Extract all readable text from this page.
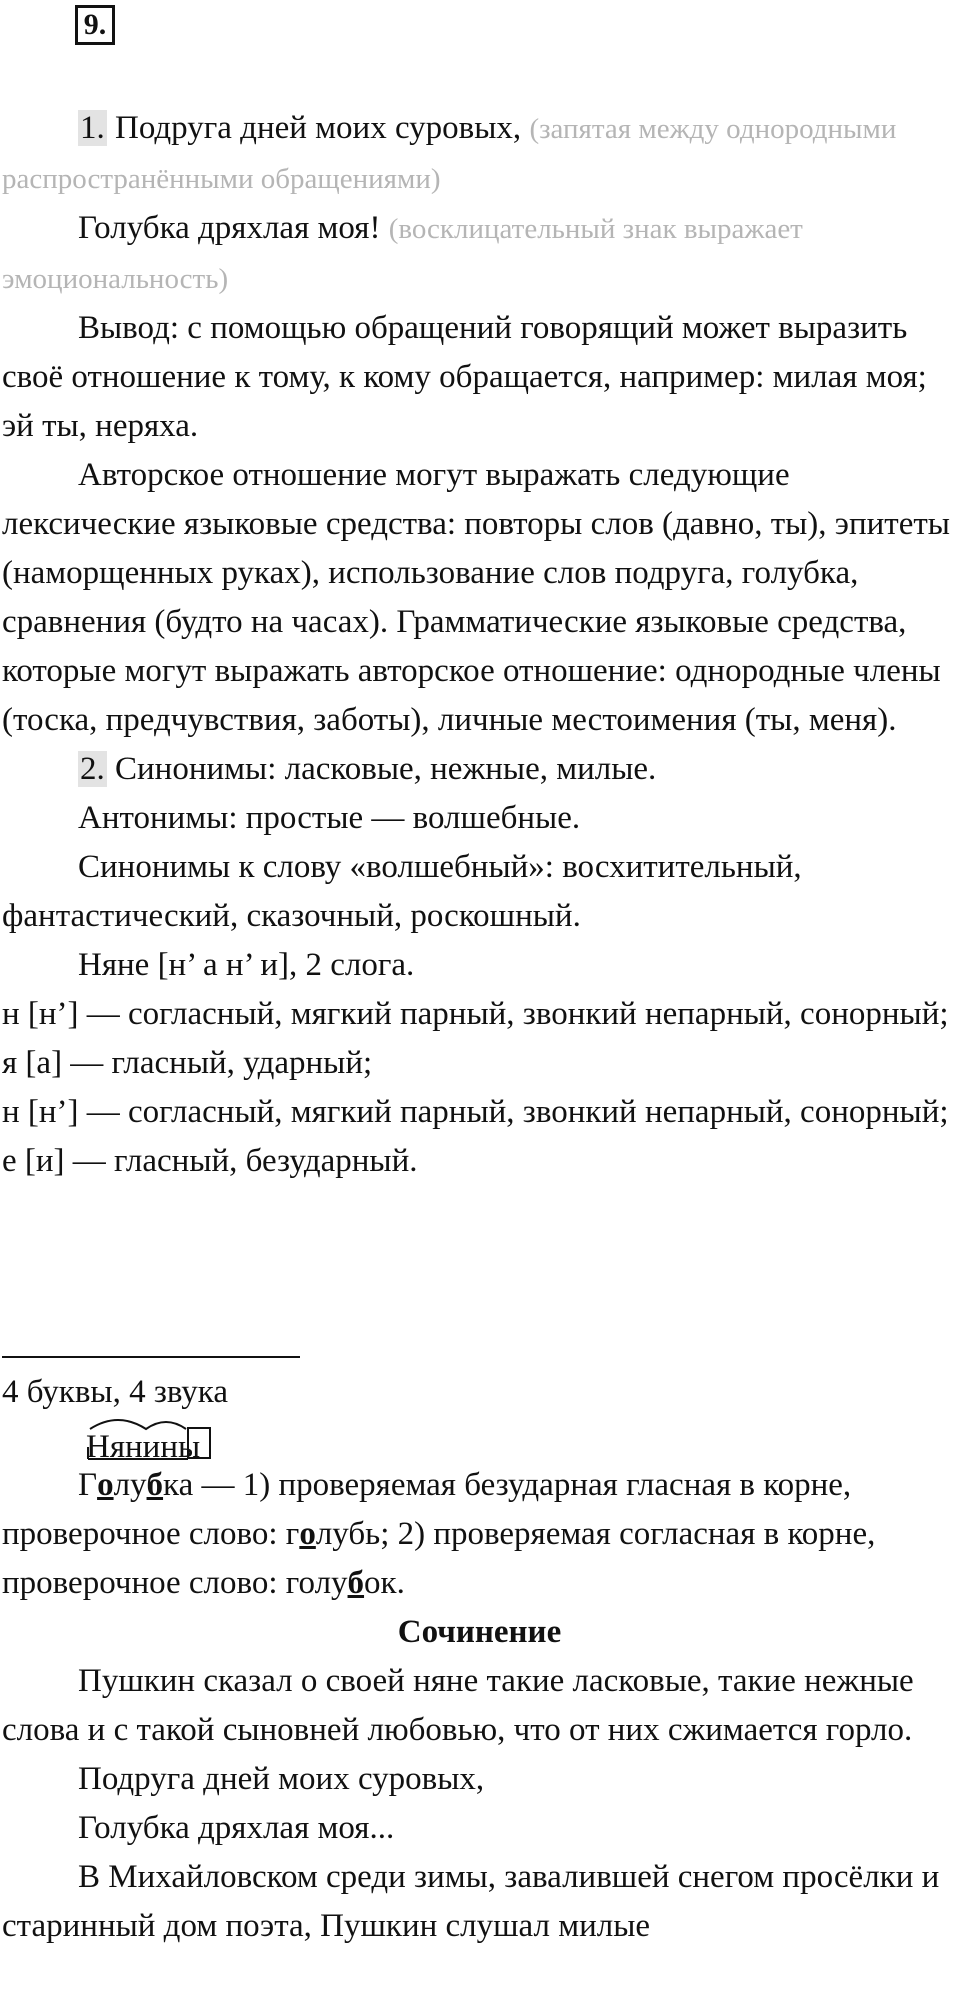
9.

1. Подруга дней моих суровых, (запятая между однородными распространёнными обращениями)

Голубка дряхлая моя! (восклицательный знак выражает эмоциональность)

Вывод: с помощью обращений говорящий может выразить своё отношение к тому, к кому обращается, например: милая моя; эй ты, неряха.

Авторское отношение могут выражать следующие лексические языковые средства: повторы слов (давно, ты), эпитеты (наморщенных руках), использование слов подруга, голубка, сравнения (будто на часах). Грамматические языковые средства, которые могут выражать авторское отношение: однородные члены (тоска, предчувствия, заботы), личные местоимения (ты, меня).

2. Синонимы: ласковые, нежные, милые.

Антонимы: простые — волшебные.

Синонимы к слову «волшебный»: восхитительный, фантастический, сказочный, роскошный.

Няне [н’ а н’ и], 2 слога.

н [н’] — согласный, мягкий парный, звонкий непарный, сонорный;

я [а] — гласный, ударный;

н [н’] — согласный, мягкий парный, звонкий непарный, сонорный;

е [и] — гласный, безударный.

4 буквы, 4 звука

Нянины

Голубка — 1) проверяемая безударная гласная в корне, проверочное слово: голубь; 2) проверяемая согласная в корне, проверочное слово: голубок.

Сочинение

Пушкин сказал о своей няне такие ласковые, такие нежные слова и с такой сыновней любовью, что от них сжимается горло.

Подруга дней моих суровых,

Голубка дряхлая моя...

В Михайловском среди зимы, завалившей снегом просёлки и старинный дом поэта, Пушкин слушал милые
